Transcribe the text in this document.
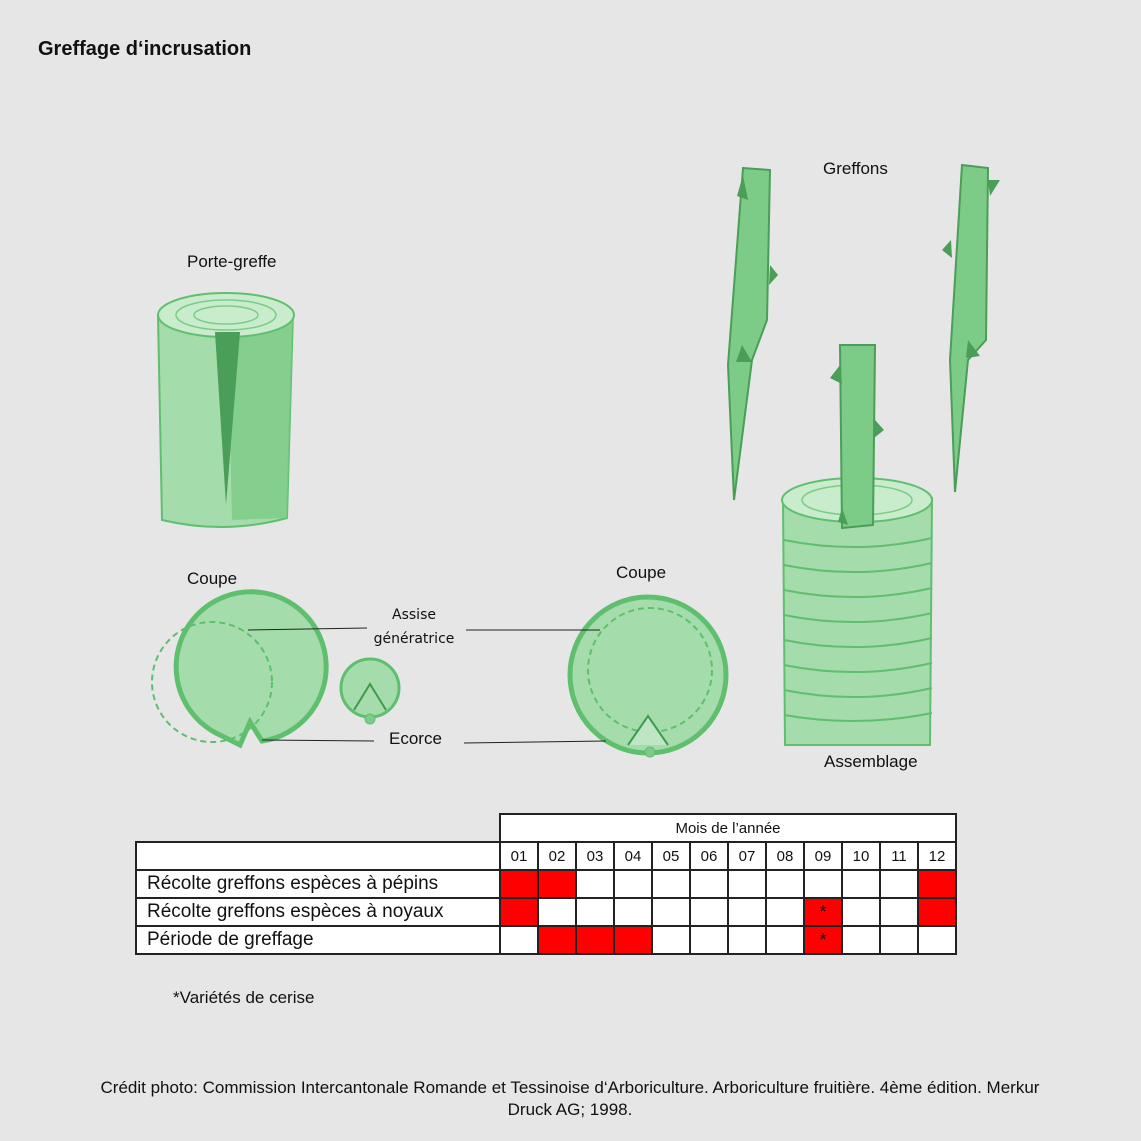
Greffage d‘incrusation
Porte-greffe
Coupe	Coupe
Assise
génératrice
Ecorce
Greffons
Assemblage
	Mois de l’année											
	01	02	03	04	05	06	07	08	09	10	11	12
Récolte greffons espèces à pépins												
Récolte greffons espèces à noyaux									*			
Période de greffage									*			
*Variétés de cerise
Crédit photo: Commission Intercantonale Romande et Tessinoise d‘Arboriculture. Arboriculture fruitière. 4ème édition. Merkur Druck AG; 1998.
